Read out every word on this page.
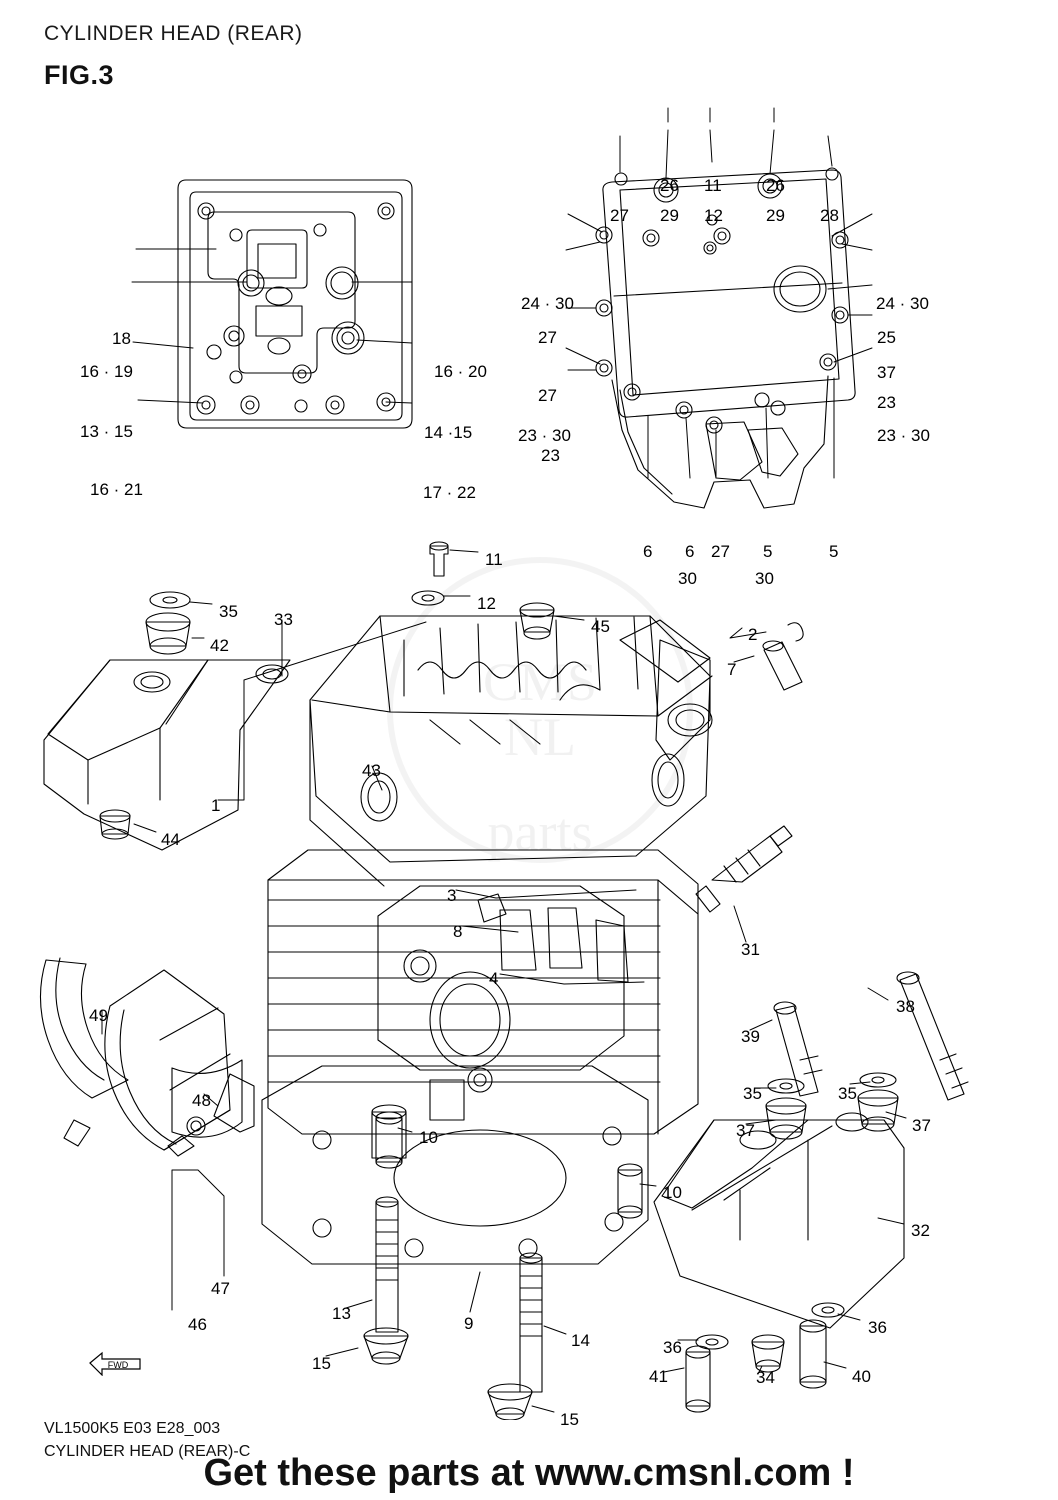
CYLINDER HEAD (REAR)
FIG.3
CMS
NL
parts
FWD
26 11	26
27 29 12	29 28
24 · 30	24 · 30
27	25
37
27	23
23 · 30	23 · 30
23
6 6 27 5	5
30	30
18
16 · 19	16 · 20
13 · 15	14 ·15
16 · 21	17 · 22
11
12
45
35 33
42
2
7
43
1
44
3
8
31
4
38
39
49
35	35
48
37	37
10
10
32
47
9
13
46	36
14	36
15
40
34
41
15
VL1500K5 E03 E28_003
CYLINDER HEAD (REAR)-C
Get these parts at www.cmsnl.com !
